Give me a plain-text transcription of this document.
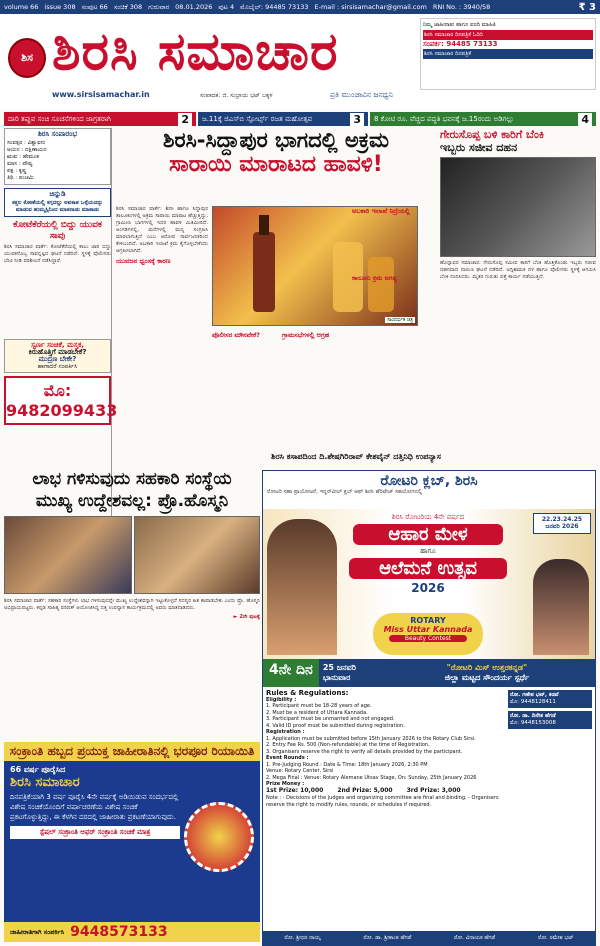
volume 66 issue 308 ಸಂಪುಟ 66 ಸಂಚಿಕೆ 308 ಗುರುವಾರ 08.01.2026 ಪುಟ 4 ಮೊಬೈಲ್: 94485 73133 E-mail : sirsisamachar@gmail.com RNI No. : 3940/58	₹ 3
ಶಿಸ ಶಿರಸಿ ಸಮಾಚಾರ
www.sirsisamachar.in	ಸಂಪಾದಕ: ಜಿ. ಸುಬ್ರಾಯ ಭಟ್ ಬಕ್ಕಳ	ಪ್ರತಿ ಮುಂಜಾವಿನ ಜನಧ್ವನಿ
ನಿಮ್ಮ ಜಾಹೀರಾತು ಹಾಗೂ ವರದಿ ಮಾಹಿತಿ
ಶಿರಸಿ ಸಮಾಚಾರ ದಿನಪತ್ರಿಕೆ ಓದಿರಿ
ಸಂಪರ್ಕ: 94485 73133
ಶಿರಸಿ ಸಮಾಚಾರ ದಿನಪತ್ರಿಕೆ
ದಾರಿ ತಪ್ಪುವ ಸಂಚಿ ಸೂಚನೆಗಳಿಂದ ಜಾಗ್ರತರಾಗಿ	2	ಜ.11ಕ್ಕೆ ಜಿಎಸ್‌ಬಿ ಸ್ಪೋರ್ಟ್ಸ್ ರಜತ ಮಹೋತ್ಸವ	3	8 ಕೋಟಿ ರೂ. ವೆಚ್ಚದ ಪದ್ಧತಿ ಭವನಕ್ಕೆ ಜ.15ರಂದು ಅಡಿಗಲ್ಲು	4
ಶಿರಸಿ ಸಂಪಾರಂಭ
ಸಂವತ್ಸರ : ವಿಶ್ವಾವಸು
ಆಯನ : ದಕ್ಷಿಣಾಯನ
ಋತು : ಹೇಮಂತ
ಮಾಸ : ಪೌಷ್ಯ
ಪಕ್ಷ : ಕೃಷ್ಣ
ತಿಥಿ : ಪಂಚಮಿ
ಚಿನ್ನುಡಿ
ಕತ್ತಲ ಕೋಣೆಯಲ್ಲಿ ಕಗ್ಗದಲ್ಲು ಅವಕಾಶ ಒಳ್ಳೆಯದನ್ನು ಮಾಡುವ ಹುಮ್ಮಸ್ಸಿನಿಂದ ಮಾತನಾಡು ಮಾತಾಡು
ಕೋಟೆಕೆರೆಯಲ್ಲಿ ಬಿದ್ದು ಯುವಕ ಸಾವು
ಶಿರಸಿ ಸಮಾಚಾರ ವಾರ್ತೆ: ಕೋಟೆಕೆರೆಯಲ್ಲಿ ಕಾಲು ಜಾರಿ ಬಿದ್ದು ಯುವಕನೊಬ್ಬ ಸಾವನ್ನಪ್ಪಿದ ಘಟನೆ ನಡೆದಿದೆ. ಸ್ಥಳಕ್ಕೆ ಪೊಲೀಸರು ಭೇಟಿ ನೀಡಿ ಪರಿಶೀಲನೆ ನಡೆಸಿದ್ದಾರೆ.
ಸ್ವರ್ಣ ಸಂಚಿಕೆ, ಮಸ್ತಕ,
ಕಿರುಹೊತ್ತಿಗೆ ಮಾಡಬೇಕೆ?
ಮುದ್ರಣ ಬೇಕೇ?
ಹಾಗಾದರೆ ಸಂಪರ್ಕಿಸಿ
ಮೊ: 9482099433
ಶಿರಸಿ-ಸಿದ್ದಾಪುರ ಭಾಗದಲ್ಲಿ ಅಕ್ರಮ
ಸಾರಾಯಿ ಮಾರಾಟದ ಹಾವಳಿ!
ಸಾಂದರ್ಭಿಕ ಚಿತ್ರ
ಶಿರಸಿ ಸಮಾಚಾರ ವಾರ್ತೆ: ಶಿರಸಿ ಹಾಗೂ ಸಿದ್ದಾಪುರ ತಾಲೂಕುಗಳಲ್ಲಿ ಅಕ್ರಮ ಸಾರಾಯಿ ಮಾರಾಟ ಹೆಚ್ಚುತ್ತಿದ್ದು, ಗ್ರಾಮೀಣ ಭಾಗಗಳಲ್ಲಿ ಇದರ ಹಾವಳಿ ಮಿತಿಮೀರಿದೆ. ಅಂಗಡಿಗಳಲ್ಲಿ, ಮನೆಗಳಲ್ಲಿ ಮದ್ಯ ಸಂಗ್ರಹಿಸಿ ಮಾರಲಾಗುತ್ತಿದೆ ಎಂಬ ಆರೋಪ ಸಾರ್ವಜನಿಕರಿಂದ ಕೇಳಿಬಂದಿದೆ. ಅಬಕಾರಿ ಇಲಾಖೆ ಕ್ರಮ ಕೈಗೊಳ್ಳಬೇಕೆಂದು ಆಗ್ರಹಿಸಲಾಗಿದೆ.
ಯುವಜನ ಧ್ವಂಸಕ್ಕೆ ಕಾರಣ
ಪೊಲೀಸರ ಮೌನವೇಕೆ?	ಗ್ರಾಮಸಭೆಗಳಲ್ಲಿ ಆಗ್ರಹ
ಅಬಕಾರಿ ಇಲಾಖೆ ನಿದ್ರೆಯಲ್ಲಿ
ಕಾನೂನು ಕ್ರಮ ಅಗತ್ಯ
ಗೇರುಸೊಪ್ಪ ಬಳಿ ಕಾರಿಗೆ ಬೆಂಕಿ
ಇಬ್ಬರು ಸಜೀವ ದಹನ
ಹೊನ್ನಾವರ ಸಮಾಚಾರ: ಗೇರುಸೊಪ್ಪ ಸಮೀಪ ಕಾರಿಗೆ ಬೆಂಕಿ ಹೊತ್ತಿಕೊಂಡು ಇಬ್ಬರು ಸಜೀವ ದಹನವಾದ ದಾರುಣ ಘಟನೆ ನಡೆದಿದೆ. ಅಗ್ನಿಶಾಮಕ ದಳ ಹಾಗೂ ಪೊಲೀಸರು ಸ್ಥಳಕ್ಕೆ ಆಗಮಿಸಿ ಬೆಂಕಿ ನಂದಿಸಿದರು. ಮೃತರ ಗುರುತು ಪತ್ತೆ ಕಾರ್ಯ ನಡೆಯುತ್ತಿದೆ.
ಶಿರಸಿ ಕಸಾಪದಿಂದ ದಿ.ಶೇಷಗಿರಿರಾವ್ ಕೇಶವೈನ್ ದತ್ತಿನಿಧಿ ಉಪನ್ಯಾಸ
ಲಾಭ ಗಳಿಸುವುದು ಸಹಕಾರಿ ಸಂಸ್ಥೆಯ
ಮುಖ್ಯ ಉದ್ದೇಶವಲ್ಲ: ಪ್ರೊ.ಹೊಸ್ಮನಿ
ಶಿರಸಿ ಸಮಾಚಾರ ವಾರ್ತೆ: ಸಹಕಾರಿ ಸಂಸ್ಥೆಗಳು ಲಾಭ ಗಳಿಸುವುದನ್ನೇ ಮುಖ್ಯ ಉದ್ದೇಶವನ್ನಾಗಿ ಇಟ್ಟುಕೊಳ್ಳದೆ ಸದಸ್ಯರ ಹಿತ ಕಾಪಾಡಬೇಕು ಎಂದು ಪ್ರೊ. ಹೊಸ್ಮನಿ ಅಭಿಪ್ರಾಯಪಟ್ಟರು. ಕನ್ನಡ ಸಾಹಿತ್ಯ ಪರಿಷತ್ ಆಯೋಜಿಸಿದ್ದ ದತ್ತಿ ಉಪನ್ಯಾಸ ಕಾರ್ಯಕ್ರಮದಲ್ಲಿ ಅವರು ಮಾತನಾಡಿದರು.
► 2ನೇ ಪುಟಕ್ಕೆ
ಸಂಕ್ರಾಂತಿ ಹಬ್ಬದ ಪ್ರಯುಕ್ತ ಜಾಹೀರಾತಿನಲ್ಲಿ ಭರಪೂರ ರಿಯಾಯಿತಿ
66 ವರ್ಷ ಪೂರೈಸಿದ
ಶಿರಸಿ ಸಮಾಚಾರ
ದಿನಪತ್ರಿಕೆಯಾಗಿ 3 ವರ್ಷ ಪೂರೈಸಿ 4ನೇ ವರ್ಷಕ್ಕೆ ಅಡಿಯಿಡುವ ಸಂದರ್ಭದಲ್ಲಿ ವಿಶೇಷ ಸಂಚಿಕೆಯೊಂದಿಗೆ ವರ್ಷಾಚರಣೆಯ ವಿಶೇಷ ಸಂಚಿಕೆ ಪ್ರಕಟಗೊಳ್ಳುತ್ತಿದ್ದು, ಈ ಕೆಳಗಿನ ದರದಲ್ಲಿ ಜಾಹೀರಾತು ಪ್ರಕಟಣೆಯಾಗುವುದು.
ಸ್ಪೆಷಲ್ ಸಂಕ್ರಾಂತಿ ಆಫರ್ ಸಂಕ್ರಾಂತಿ ಸಂಚಿಕೆ ಮಾತ್ರ
ಜಾಹೀರಾತಿಗಾಗಿ ಸಂಪರ್ಕಿಸಿ 9448573133
ರೋಟರಿ ಕ್ಲಬ್, ಶಿರಸಿ
ರೋಟರಿ ಸಹಾ ಪ್ರಾಯೋಜನೆ, ಇನ್ನರ್‌ವೀಲ್ ಕ್ಲಬ್ ಆಫ್ ಶಿರಸಿ ಹೆರಿಟೇಜ್ ಸಹಯೋಗದಲ್ಲಿ
ಶಿರಸಿ ರೋಟರಿಯ 4ನೇ ವರ್ಷದ
ಆಹಾರ ಮೇಳ
ಹಾಗೂ
ಆಲೆಮನೆ ಉತ್ಸವ
2026
22.23.24.25 ಜನವರಿ 2026
ROTARY
Miss Uttar Kannada
Beauty Contest
4ನೇ ದಿನ	25 ಜನವರಿ ಭಾನುವಾರ
"ರೋಟರಿ ಮಿಸ್ ಉತ್ತರಕನ್ನಡ"
ಜಿಲ್ಲಾ ಮಟ್ಟದ ಸೌಂದರ್ಯ ಸ್ಪರ್ಧೆ
Rules & Regulations:
Eligibility :
1. Participant must be 18-28 years of age.
2. Must be a resident of Uttara Kannada.
3. Participant must be unmarried and not engaged.
4. Valid ID proof must be submitted during registration.
Registration :
1. Application must be submitted before 15th January 2026 to the Rotary Club Sirsi.
2. Entry Fee Rs. 500 (Non-refundable) at the time of Registration.
3. Organisers reserve the right to verify all details provided by the participant.
Event Rounds :
1. Pre-Judging Round : Date & Time: 18th January 2026, 2:30 PM
Venue: Rotary Center, Sirsi
2. Mega Final : Venue: Rotary Alemane Utsav Stage, On: Sunday, 25th January 2026
Prize Money :
1st Prize: 10,000 2nd Prize: 5,000 3rd Prize: 3,000
Note : - Decisions of the judges and organizing committee are final and binding. - Organisers reserve the right to modify rules, rounds, or schedules if required.
ರೋ. ಗಣೇಶ ಭಟ್, ಕಡವೆ
ಮೊ: 9448128411
ರೋ. ಡಾ. ದಿನೇಶ ಹೆಗಡೆ
ಮೊ: 9448153008
ರೋ. ಶ್ರೀಧರ ನಾಯ್ಕ	ರೋ. ಡಾ. ಶ್ರೀಕಾಂತ ಹೆಗಡೆ	ರೋ. ವಿನಾಯಕ ಹೆಗಡೆ	ರೋ. ರಮೇಶ ಭಟ್
